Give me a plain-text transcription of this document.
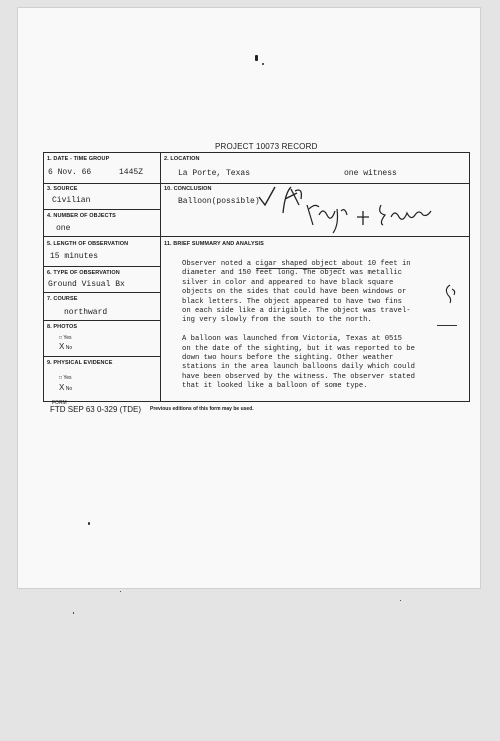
PROJECT 10073 RECORD
1. DATE - TIME GROUP
6 Nov. 66	1445Z
2. LOCATION
La Porte, Texas	one witness
3. SOURCE
Civilian
10. CONCLUSION
Balloon(possible)
4. NUMBER OF OBJECTS
one
5. LENGTH OF OBSERVATION
15 minutes
11. BRIEF SUMMARY AND ANALYSIS
6. TYPE OF OBSERVATION
Ground Visual Bx
7. COURSE
northward
8. PHOTOS
□ Yes
X No
9. PHYSICAL EVIDENCE
□ Yes
X No
Observer noted a cigar shaped object about 10 feet in
diameter and 150 feet long. The object was metallic
silver in color and appeared to have black square
objects on the sides that could have been windows or
black letters. The object appeared to have two fins
on each side like a dirigible. The object was travel-
ing very slowly from the south to the north.
A balloon was launched from Victoria, Texas at 0515
on the date of the sighting, but it was reported to be
down two hours before the sighting. Other weather
stations in the area launch balloons daily which could
have been observed by the witness. The observer stated
that it looked like a balloon of some type.
FORM
FTD SEP 63 0-329 (TDE) Previous editions of this form may be used.
